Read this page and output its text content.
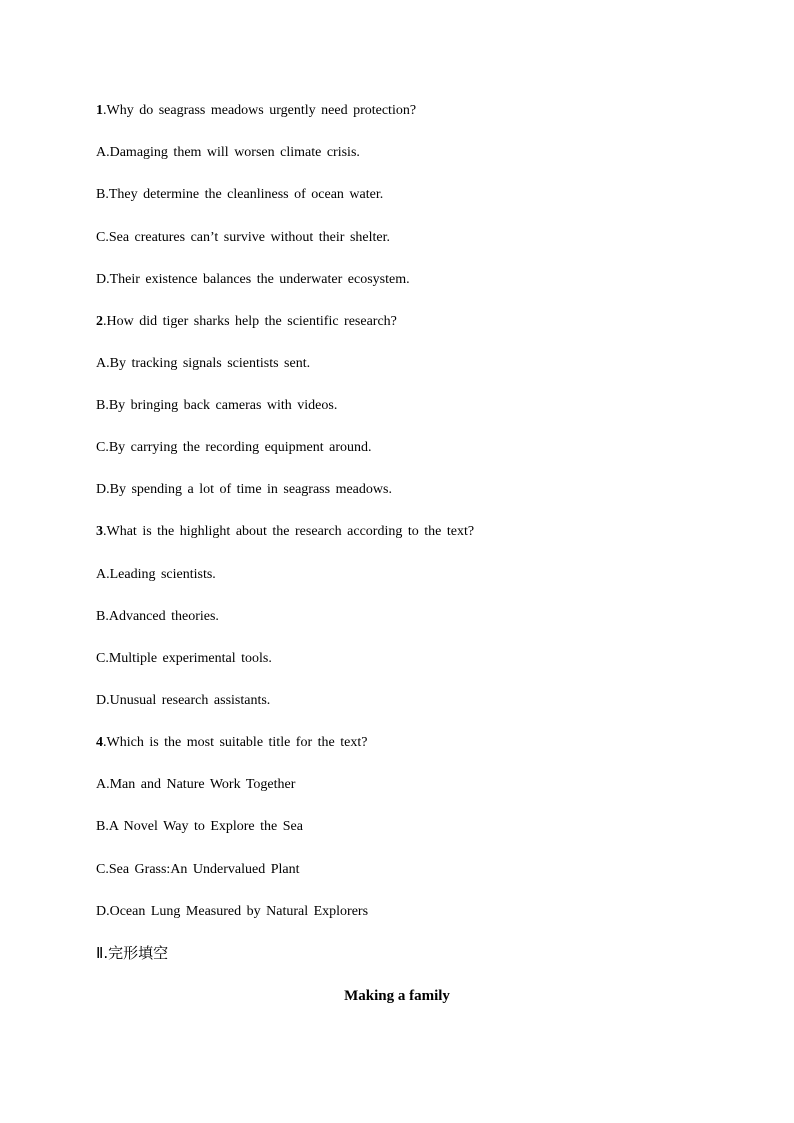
1.Why do seagrass meadows urgently need protection?
A.Damaging them will worsen climate crisis.
B.They determine the cleanliness of ocean water.
C.Sea creatures can’t survive without their shelter.
D.Their existence balances the underwater ecosystem.
2.How did tiger sharks help the scientific research?
A.By tracking signals scientists sent.
B.By bringing back cameras with videos.
C.By carrying the recording equipment around.
D.By spending a lot of time in seagrass meadows.
3.What is the highlight about the research according to the text?
A.Leading scientists.
B.Advanced theories.
C.Multiple experimental tools.
D.Unusual research assistants.
4.Which is the most suitable title for the text?
A.Man and Nature Work Together
B.A Novel Way to Explore the Sea
C.Sea Grass:An Undervalued Plant
D.Ocean Lung Measured by Natural Explorers
Ⅱ.完形填空
Making a family
